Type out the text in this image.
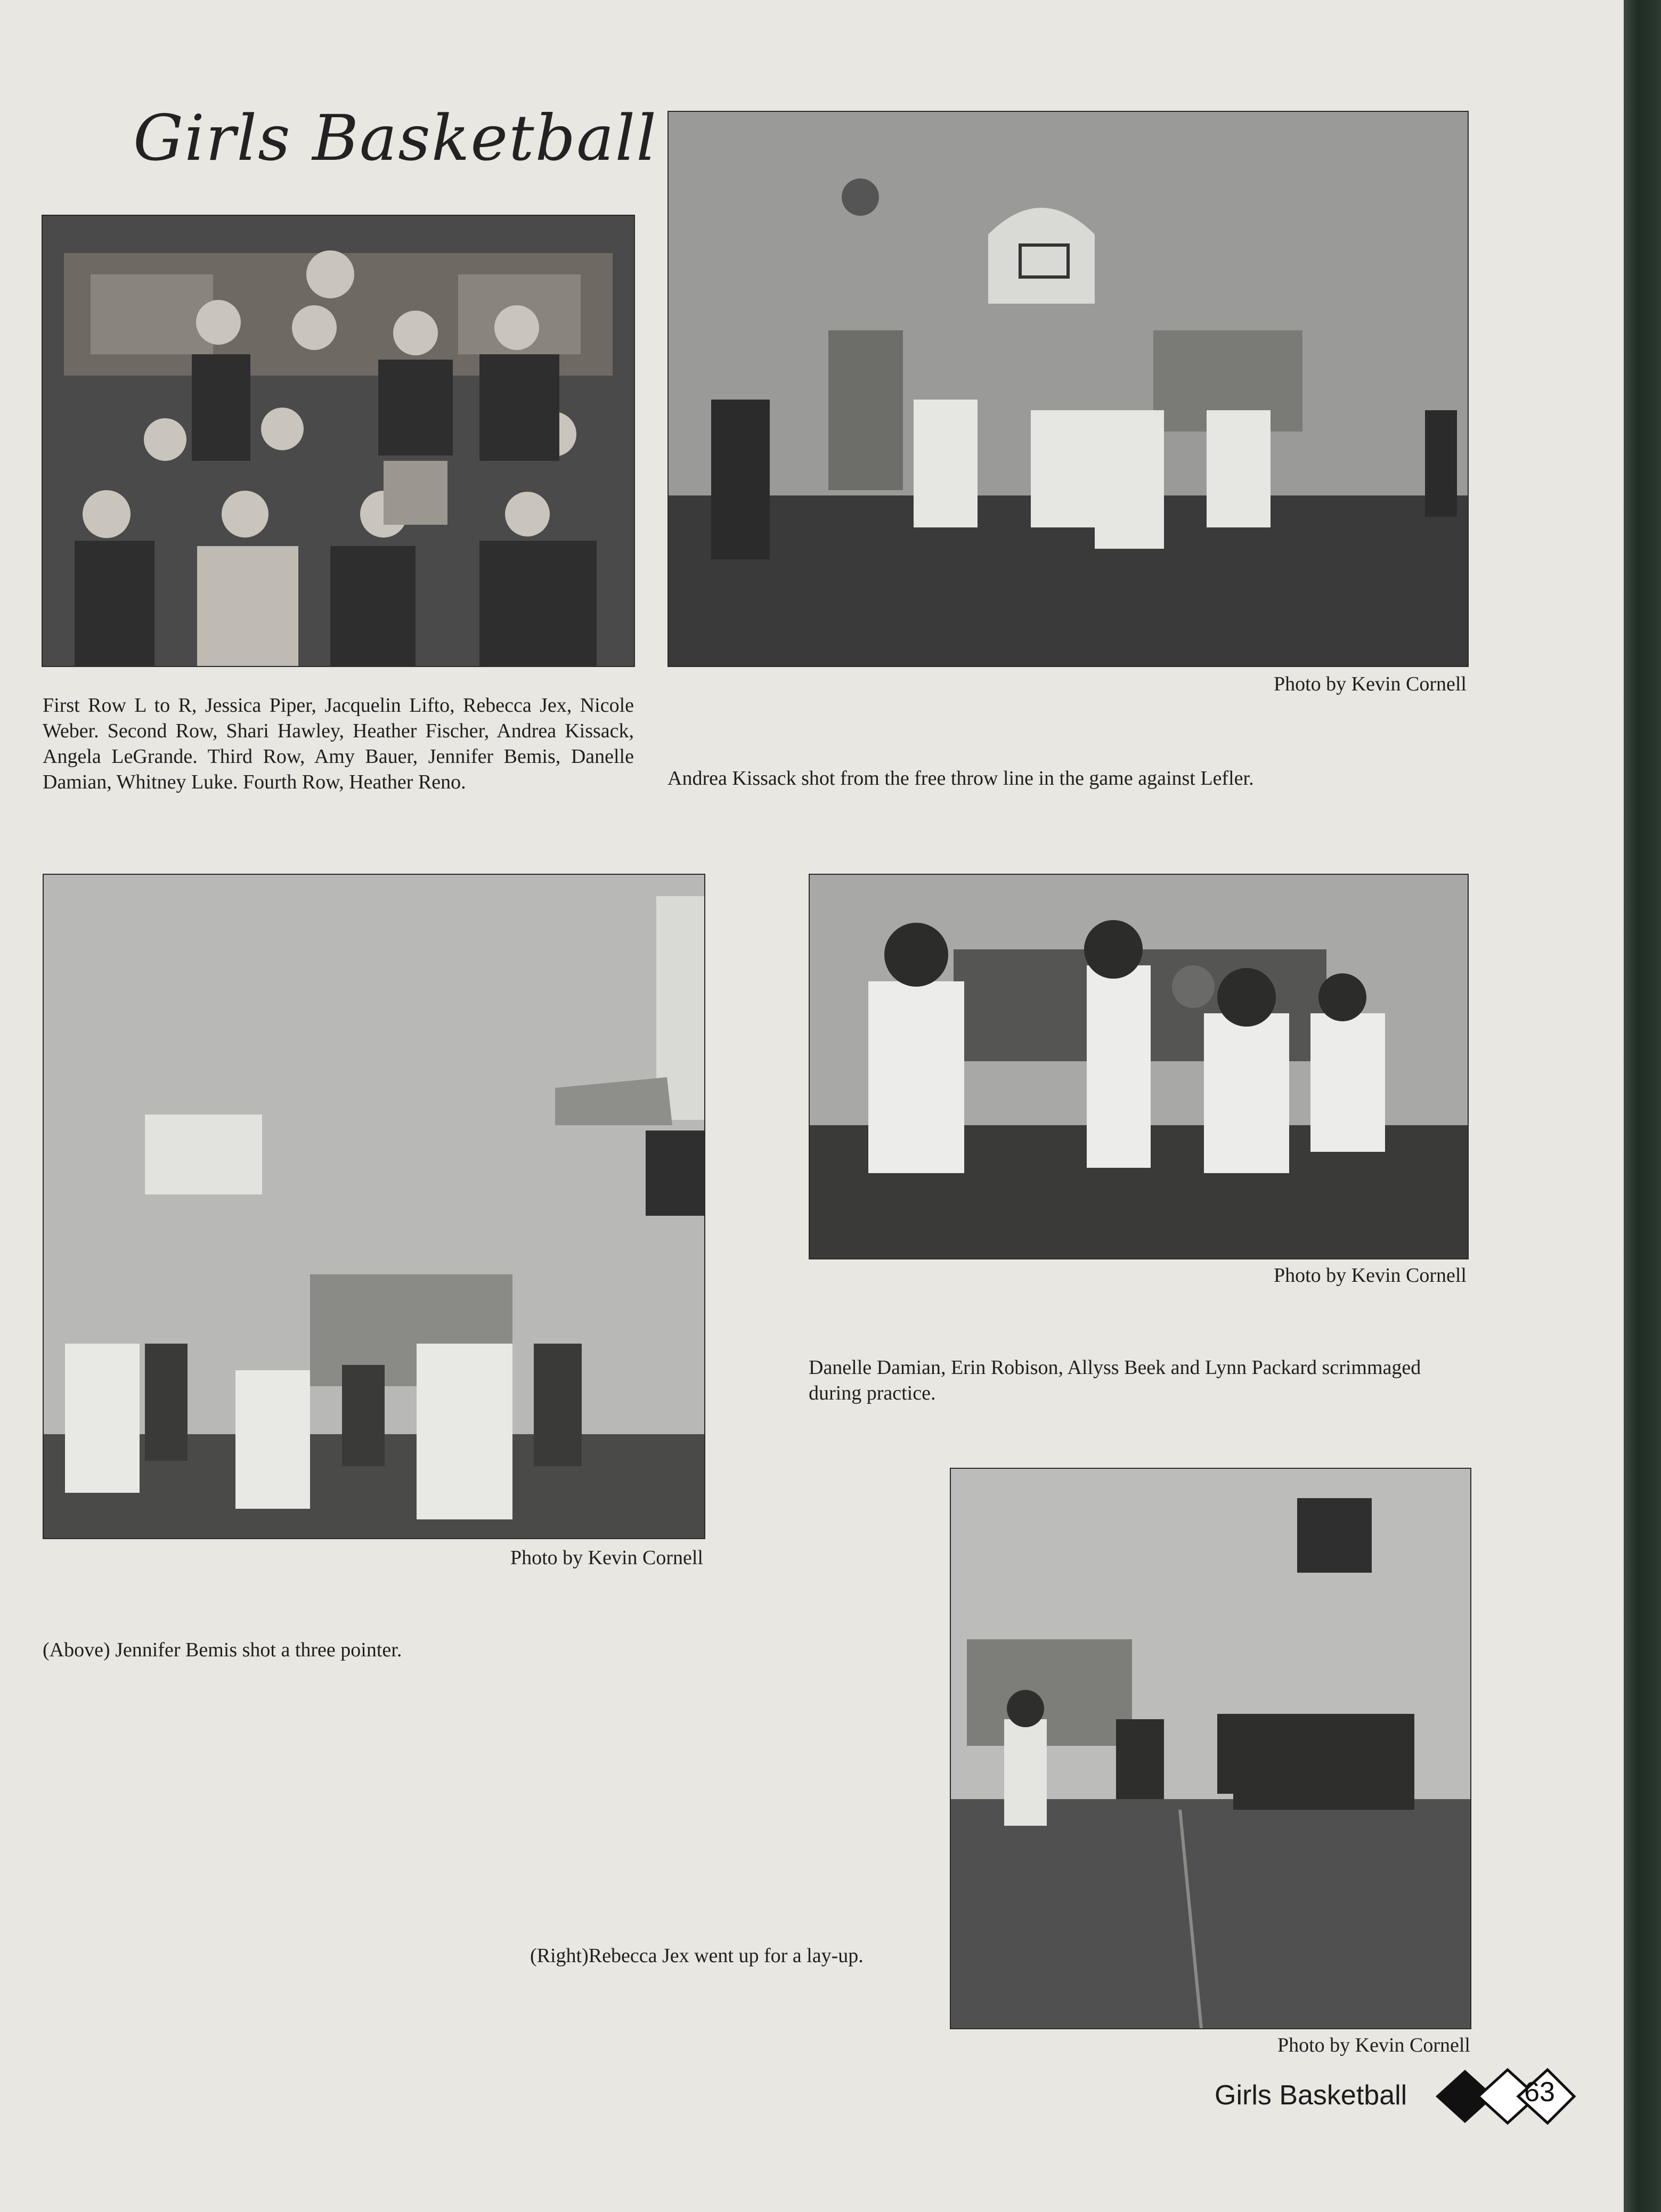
Girls Basketball
First Row L to R, Jessica Piper, Jacquelin Lifto, Rebecca Jex, Nicole Weber. Second Row, Shari Hawley, Heather Fischer, Andrea Kissack, Angela LeGrande. Third Row, Amy Bauer, Jennifer Bemis, Danelle Damian, Whitney Luke. Fourth Row, Heather Reno.
Photo by Kevin Cornell
Andrea Kissack shot from the free throw line in the game against Lefler.
Photo by Kevin Cornell
(Above) Jennifer Bemis shot a three pointer.
Photo by Kevin Cornell
Danelle Damian, Erin Robison, Allyss Beek and Lynn Packard scrimmaged during practice.
(Right)Rebecca Jex went up for a lay-up.
Photo by Kevin Cornell
Girls Basketball	63
